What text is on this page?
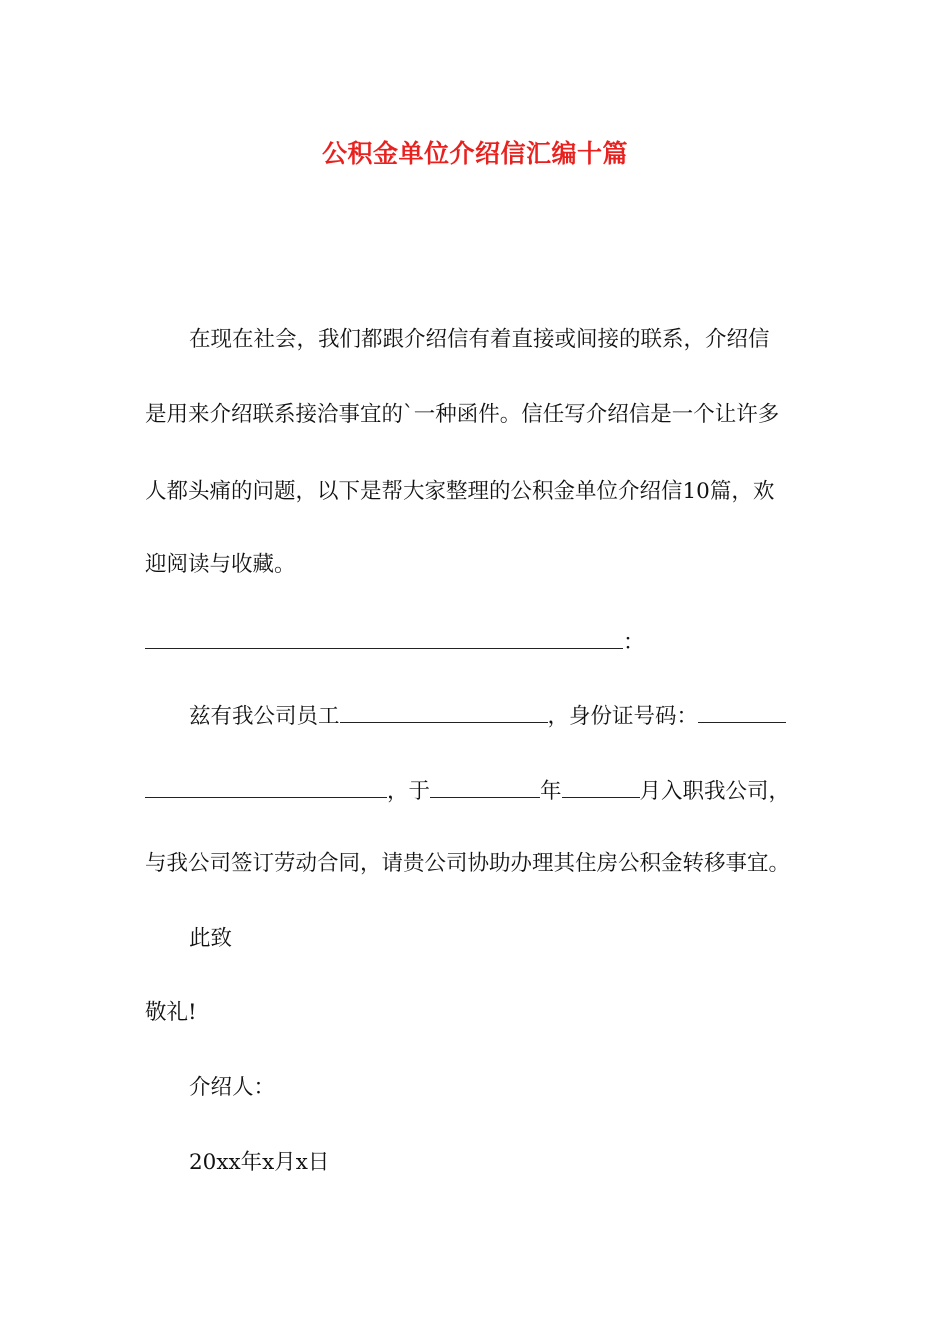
公积金单位介绍信汇编十篇
在现在社会，我们都跟介绍信有着直接或间接的联系，介绍信
是用来介绍联系接洽事宜的`一种函件。信任写介绍信是一个让许多
人都头痛的问题，以下是帮大家整理的公积金单位介绍信10篇，欢
迎阅读与收藏。
：
兹有我公司员工	，身份证号码：
，于	年	月入职我公司，
与我公司签订劳动合同，请贵公司协助办理其住房公积金转移事宜。
此致
敬礼!
介绍人：
20xx年x月x日
